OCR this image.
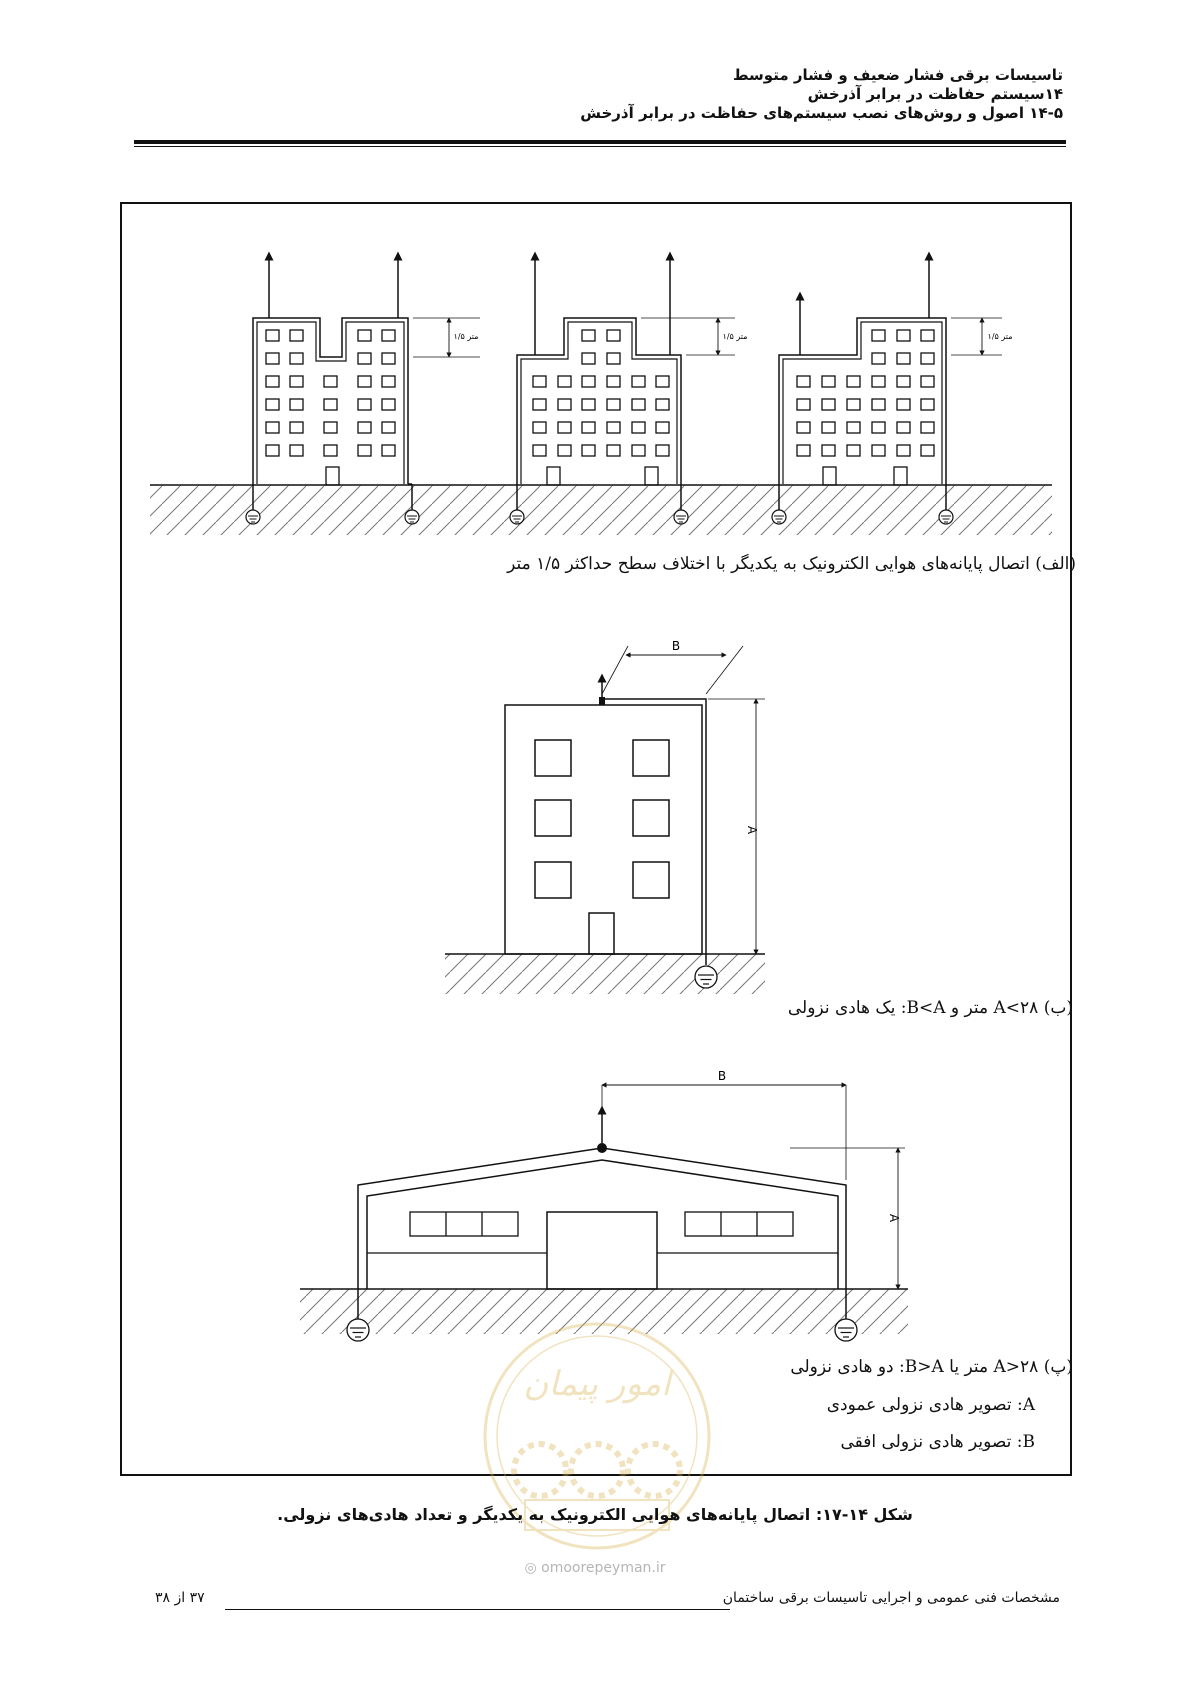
تاسیسات برقی فشار ضعیف و فشار متوسط
۱۴سیستم حفاظت در برابر آذرخش
۱۴-۵ اصول و روش‌های نصب سیستم‌های حفاظت در برابر آذرخش
۱/۵ متر	۱/۵ متر	۱/۵ متر
B
A
B
A
امور پیمان
(الف) اتصال پایانه‌های هوایی الکترونیک به یکدیگر با اختلاف سطح حداکثر ۱/۵ متر
(ب) A<۲۸ متر و B<A: یک هادی نزولی
(پ) A>۲۸ متر یا B>A: دو هادی نزولی
A: تصویر هادی نزولی عمودی
B: تصویر هادی نزولی افقی
شکل ۱۴-۱۷: اتصال پایانه‌های هوایی الکترونیک به یکدیگر و تعداد هادی‌های نزولی.
◎ omoorepeyman.ir
مشخصات فنی عمومی و اجرایی تاسیسات برقی ساختمان
۳۷ از ۳۸
